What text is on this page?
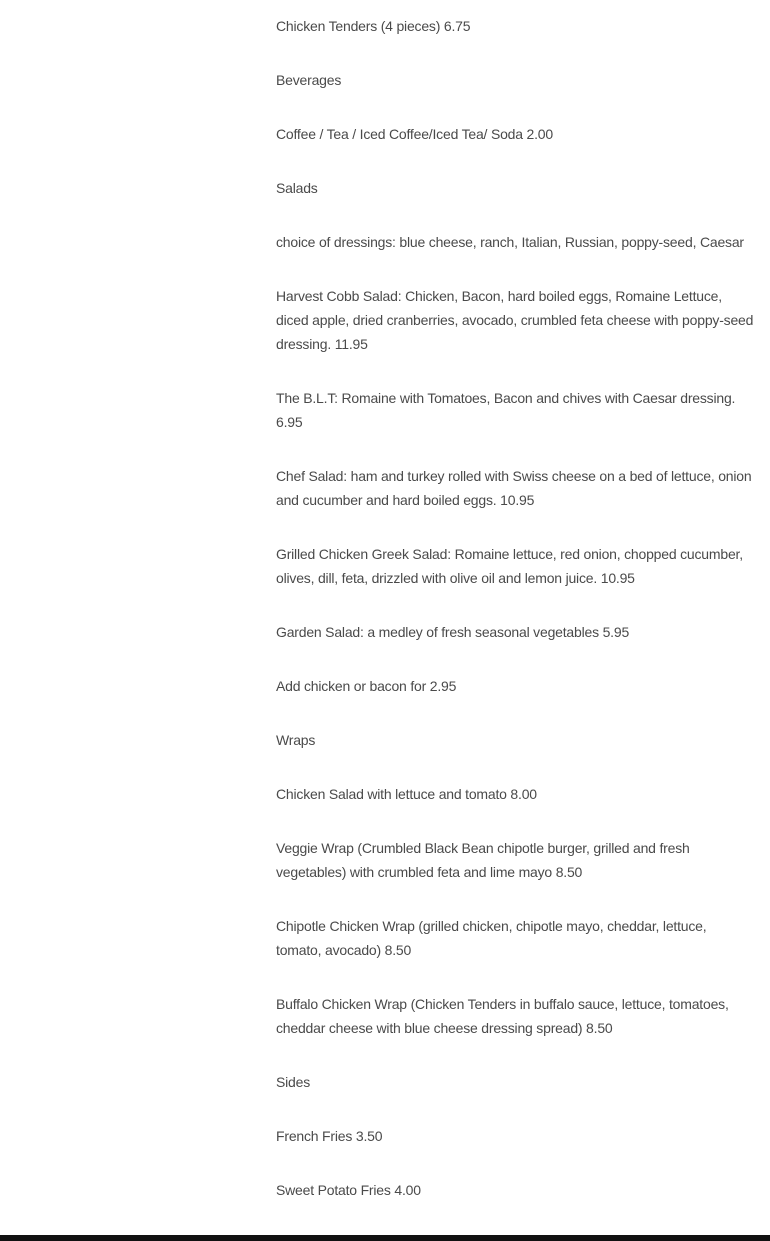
Chicken Tenders (4 pieces) 6.75

Beverages

Coffee / Tea / Iced Coffee/Iced Tea/ Soda 2.00

Salads

choice of dressings: blue cheese, ranch, Italian, Russian, poppy-seed, Caesar

Harvest Cobb Salad: Chicken, Bacon, hard boiled eggs, Romaine Lettuce, diced apple, dried cranberries, avocado, crumbled feta cheese with poppy-seed dressing. 11.95

The B.L.T: Romaine with Tomatoes, Bacon and chives with Caesar dressing. 6.95

Chef Salad: ham and turkey rolled with Swiss cheese on a bed of lettuce, onion and cucumber and hard boiled eggs. 10.95

Grilled Chicken Greek Salad: Romaine lettuce, red onion, chopped cucumber, olives, dill, feta, drizzled with olive oil and lemon juice. 10.95

Garden Salad: a medley of fresh seasonal vegetables 5.95

Add chicken or bacon for 2.95

Wraps

Chicken Salad with lettuce and tomato 8.00

Veggie Wrap (Crumbled Black Bean chipotle burger, grilled and fresh vegetables) with crumbled feta and lime mayo 8.50

Chipotle Chicken Wrap (grilled chicken, chipotle mayo, cheddar, lettuce, tomato, avocado) 8.50

Buffalo Chicken Wrap (Chicken Tenders in buffalo sauce, lettuce, tomatoes, cheddar cheese with blue cheese dressing spread) 8.50

Sides

French Fries 3.50

Sweet Potato Fries 4.00
